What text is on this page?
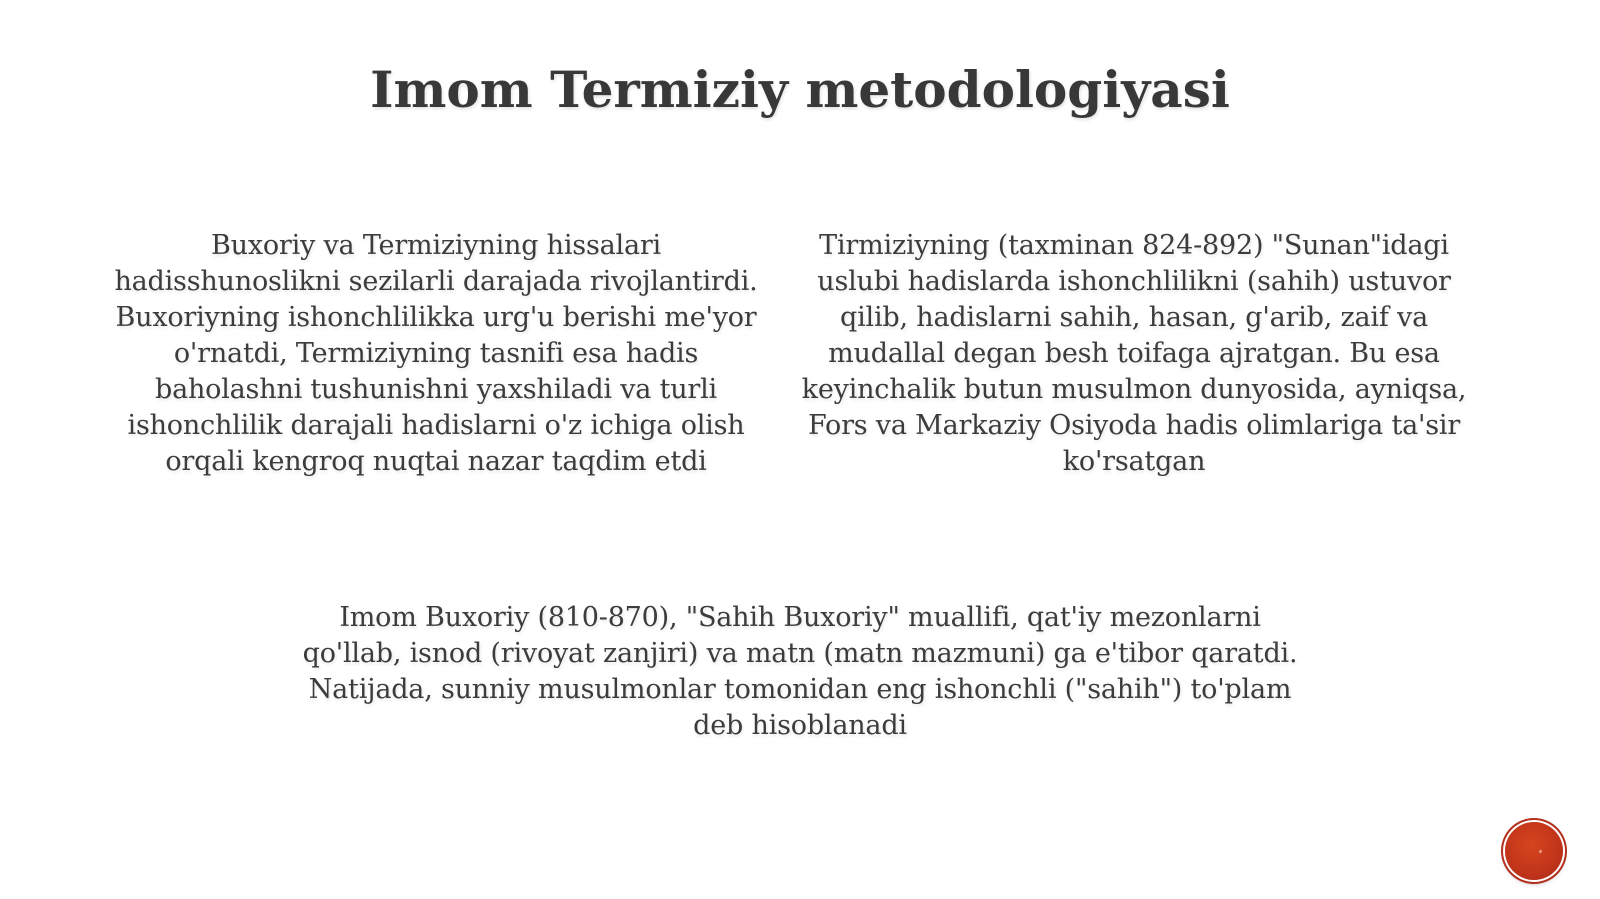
Imom Termiziy metodologiyasi

Buxoriy va Termiziyning hissalari hadisshunoslikni sezilarli darajada rivojlantirdi. Buxoriyning ishonchlilikka urg'u berishi me'yor o'rnatdi, Termiziyning tasnifi esa hadis baholashni tushunishni yaxshiladi va turli ishonchlilik darajali hadislarni o'z ichiga olish orqali kengroq nuqtai nazar taqdim etdi

Tirmiziyning (taxminan 824-892) "Sunan"idagi uslubi hadislarda ishonchlilikni (sahih) ustuvor qilib, hadislarni sahih, hasan, g'arib, zaif va mudallal degan besh toifaga ajratgan. Bu esa keyinchalik butun musulmon dunyosida, ayniqsa, Fors va Markaziy Osiyoda hadis olimlariga ta'sir ko'rsatgan

Imom Buxoriy (810-870), "Sahih Buxoriy" muallifi, qat'iy mezonlarni qo'llab, isnod (rivoyat zanjiri) va matn (matn mazmuni) ga e'tibor qaratdi. Natijada, sunniy musulmonlar tomonidan eng ishonchli ("sahih") to'plam deb hisoblanadi
